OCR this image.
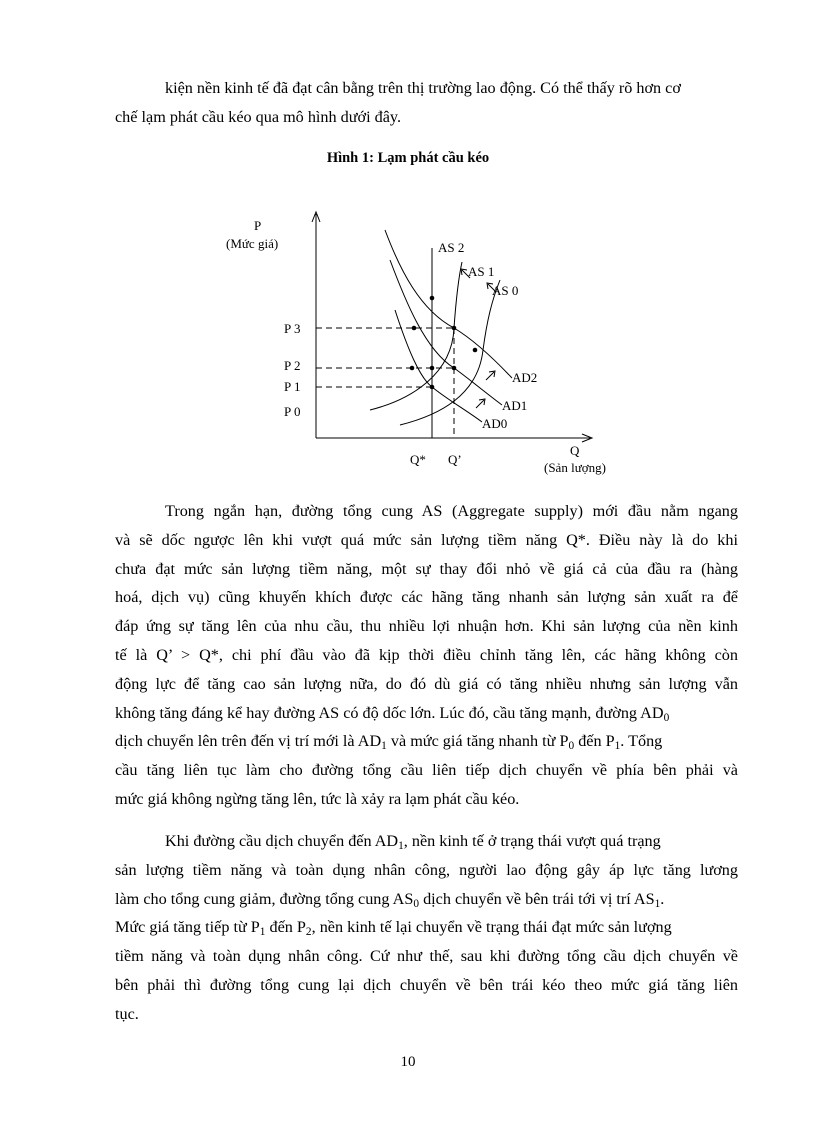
kiện nền kinh tế đã đạt cân bằng trên thị trường lao động. Có thể thấy rõ hơn cơ
chế lạm phát cầu kéo qua mô hình dưới đây.

Hình 1: Lạm phát cầu kéo
P
(Mức giá)
Q
(Sản lượng)
P 3
P 2
P 1
P 0
AS 2
AS 1
AS 0
AD2
AD1
AD0
Q* Q’

Trong ngắn hạn, đường tổng cung AS (Aggregate supply) mới đầu nằm ngang
và sẽ dốc ngược lên khi vượt quá mức sản lượng tiềm năng Q*. Điều này là do khi
chưa đạt mức sản lượng tiềm năng, một sự thay đổi nhỏ về giá cả của đầu ra (hàng
hoá, dịch vụ) cũng khuyến khích được các hãng tăng nhanh sản lượng sản xuất ra để
đáp ứng sự tăng lên của nhu cầu, thu nhiều lợi nhuận hơn. Khi sản lượng của nền kinh
tế là Q’ > Q*, chi phí đầu vào đã kịp thời điều chỉnh tăng lên, các hãng không còn
động lực để tăng cao sản lượng nữa, do đó dù giá có tăng nhiều nhưng sản lượng vẫn
không tăng đáng kể hay đường AS có độ dốc lớn. Lúc đó, cầu tăng mạnh, đường $AD_0$
dịch chuyển lên trên đến vị trí mới là $AD_1$ và mức giá tăng nhanh từ $P_0$ đến $P_1$. Tổng
cầu tăng liên tục làm cho đường tổng cầu liên tiếp dịch chuyển về phía bên phải và
mức giá không ngừng tăng lên, tức là xảy ra lạm phát cầu kéo.

Khi đường cầu dịch chuyển đến $AD_1$, nền kinh tế ở trạng thái vượt quá trạng
sản lượng tiềm năng và toàn dụng nhân công, người lao động gây áp lực tăng lương
làm cho tổng cung giảm, đường tổng cung $AS_0$ dịch chuyển về bên trái tới vị trí $AS_1$.
Mức giá tăng tiếp từ $P_1$ đến $P_2$, nền kinh tế lại chuyển về trạng thái đạt mức sản lượng
tiềm năng và toàn dụng nhân công. Cứ như thế, sau khi đường tổng cầu dịch chuyển về
bên phải thì đường tổng cung lại dịch chuyển về bên trái kéo theo mức giá tăng liên
tục.

10
